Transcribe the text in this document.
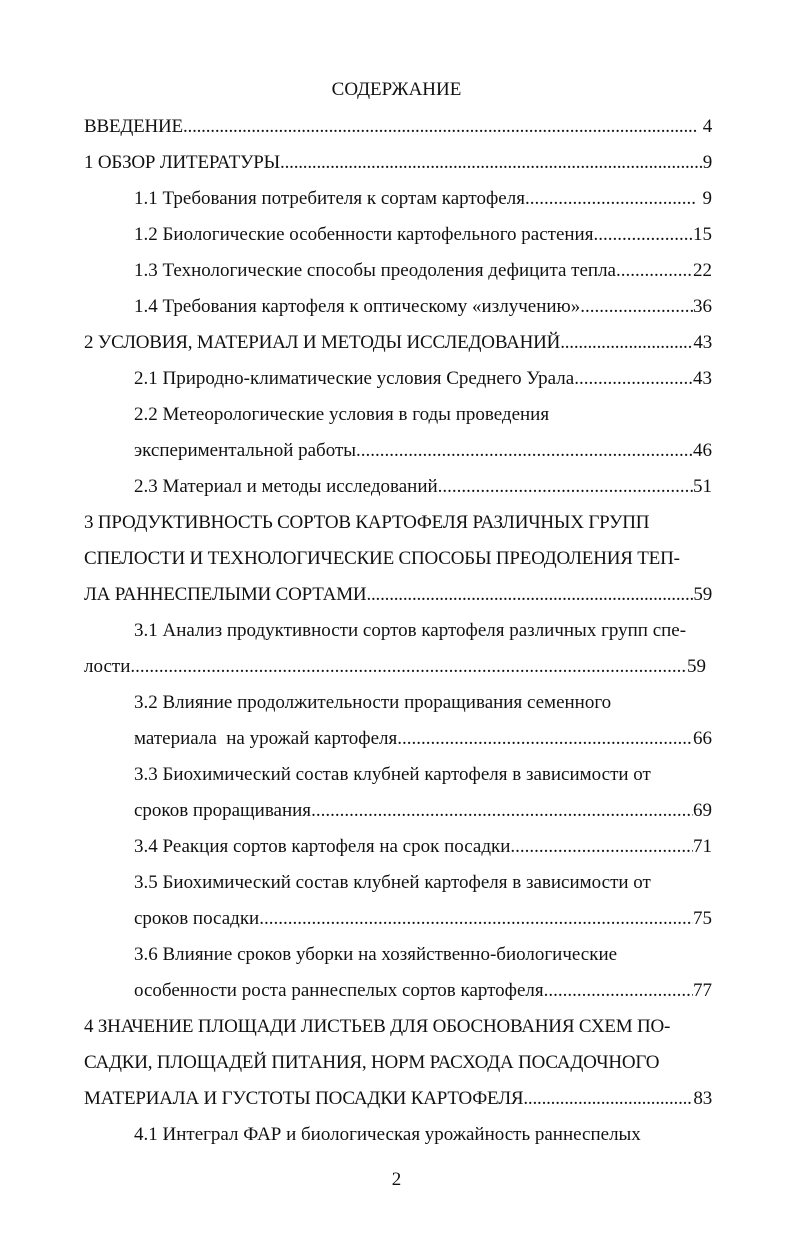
СОДЕРЖАНИЕ
ВВЕДЕНИЕ .....	4
1 ОБЗОР ЛИТЕРАТУРЫ .....	9
1.1 Требования потребителя к сортам картофеля .....	9
1.2 Биологические особенности картофельного растения .....	15
1.3 Технологические способы преодоления дефицита тепла .....	22
1.4 Требования картофеля к оптическому «излучению» .....	36
2 УСЛОВИЯ, МАТЕРИАЛ И МЕТОДЫ ИССЛЕДОВАНИЙ .....	43
2.1 Природно-климатические условия Среднего Урала .....	43
2.2 Метеорологические условия в годы проведения
экспериментальной работы .....	46
2.3 Материал и методы исследований .....	51
3 ПРОДУКТИВНОСТЬ СОРТОВ КАРТОФЕЛЯ РАЗЛИЧНЫХ ГРУПП
СПЕЛОСТИ И ТЕХНОЛОГИЧЕСКИЕ СПОСОБЫ ПРЕОДОЛЕНИЯ ТЕП-
ЛА РАННЕСПЕЛЫМИ СОРТАМИ .....	59
3.1 Анализ продуктивности сортов картофеля различных групп спе-
лости .....	59
3.2 Влияние продолжительности проращивания семенного
материала  на урожай картофеля .....	66
3.3 Биохимический состав клубней картофеля в зависимости от
сроков проращивания .....	69
3.4 Реакция сортов картофеля на срок посадки .....	71
3.5 Биохимический состав клубней картофеля в зависимости от
сроков посадки .....	75
3.6 Влияние сроков уборки на хозяйственно-биологические
особенности роста раннеспелых сортов картофеля .....	77
4 ЗНАЧЕНИЕ ПЛОЩАДИ ЛИСТЬЕВ ДЛЯ ОБОСНОВАНИЯ СХЕМ ПО-
САДКИ, ПЛОЩАДЕЙ ПИТАНИЯ, НОРМ РАСХОДА ПОСАДОЧНОГО
МАТЕРИАЛА И ГУСТОТЫ ПОСАДКИ КАРТОФЕЛЯ .....	83
4.1 Интеграл ФАР и биологическая урожайность раннеспелых
2
